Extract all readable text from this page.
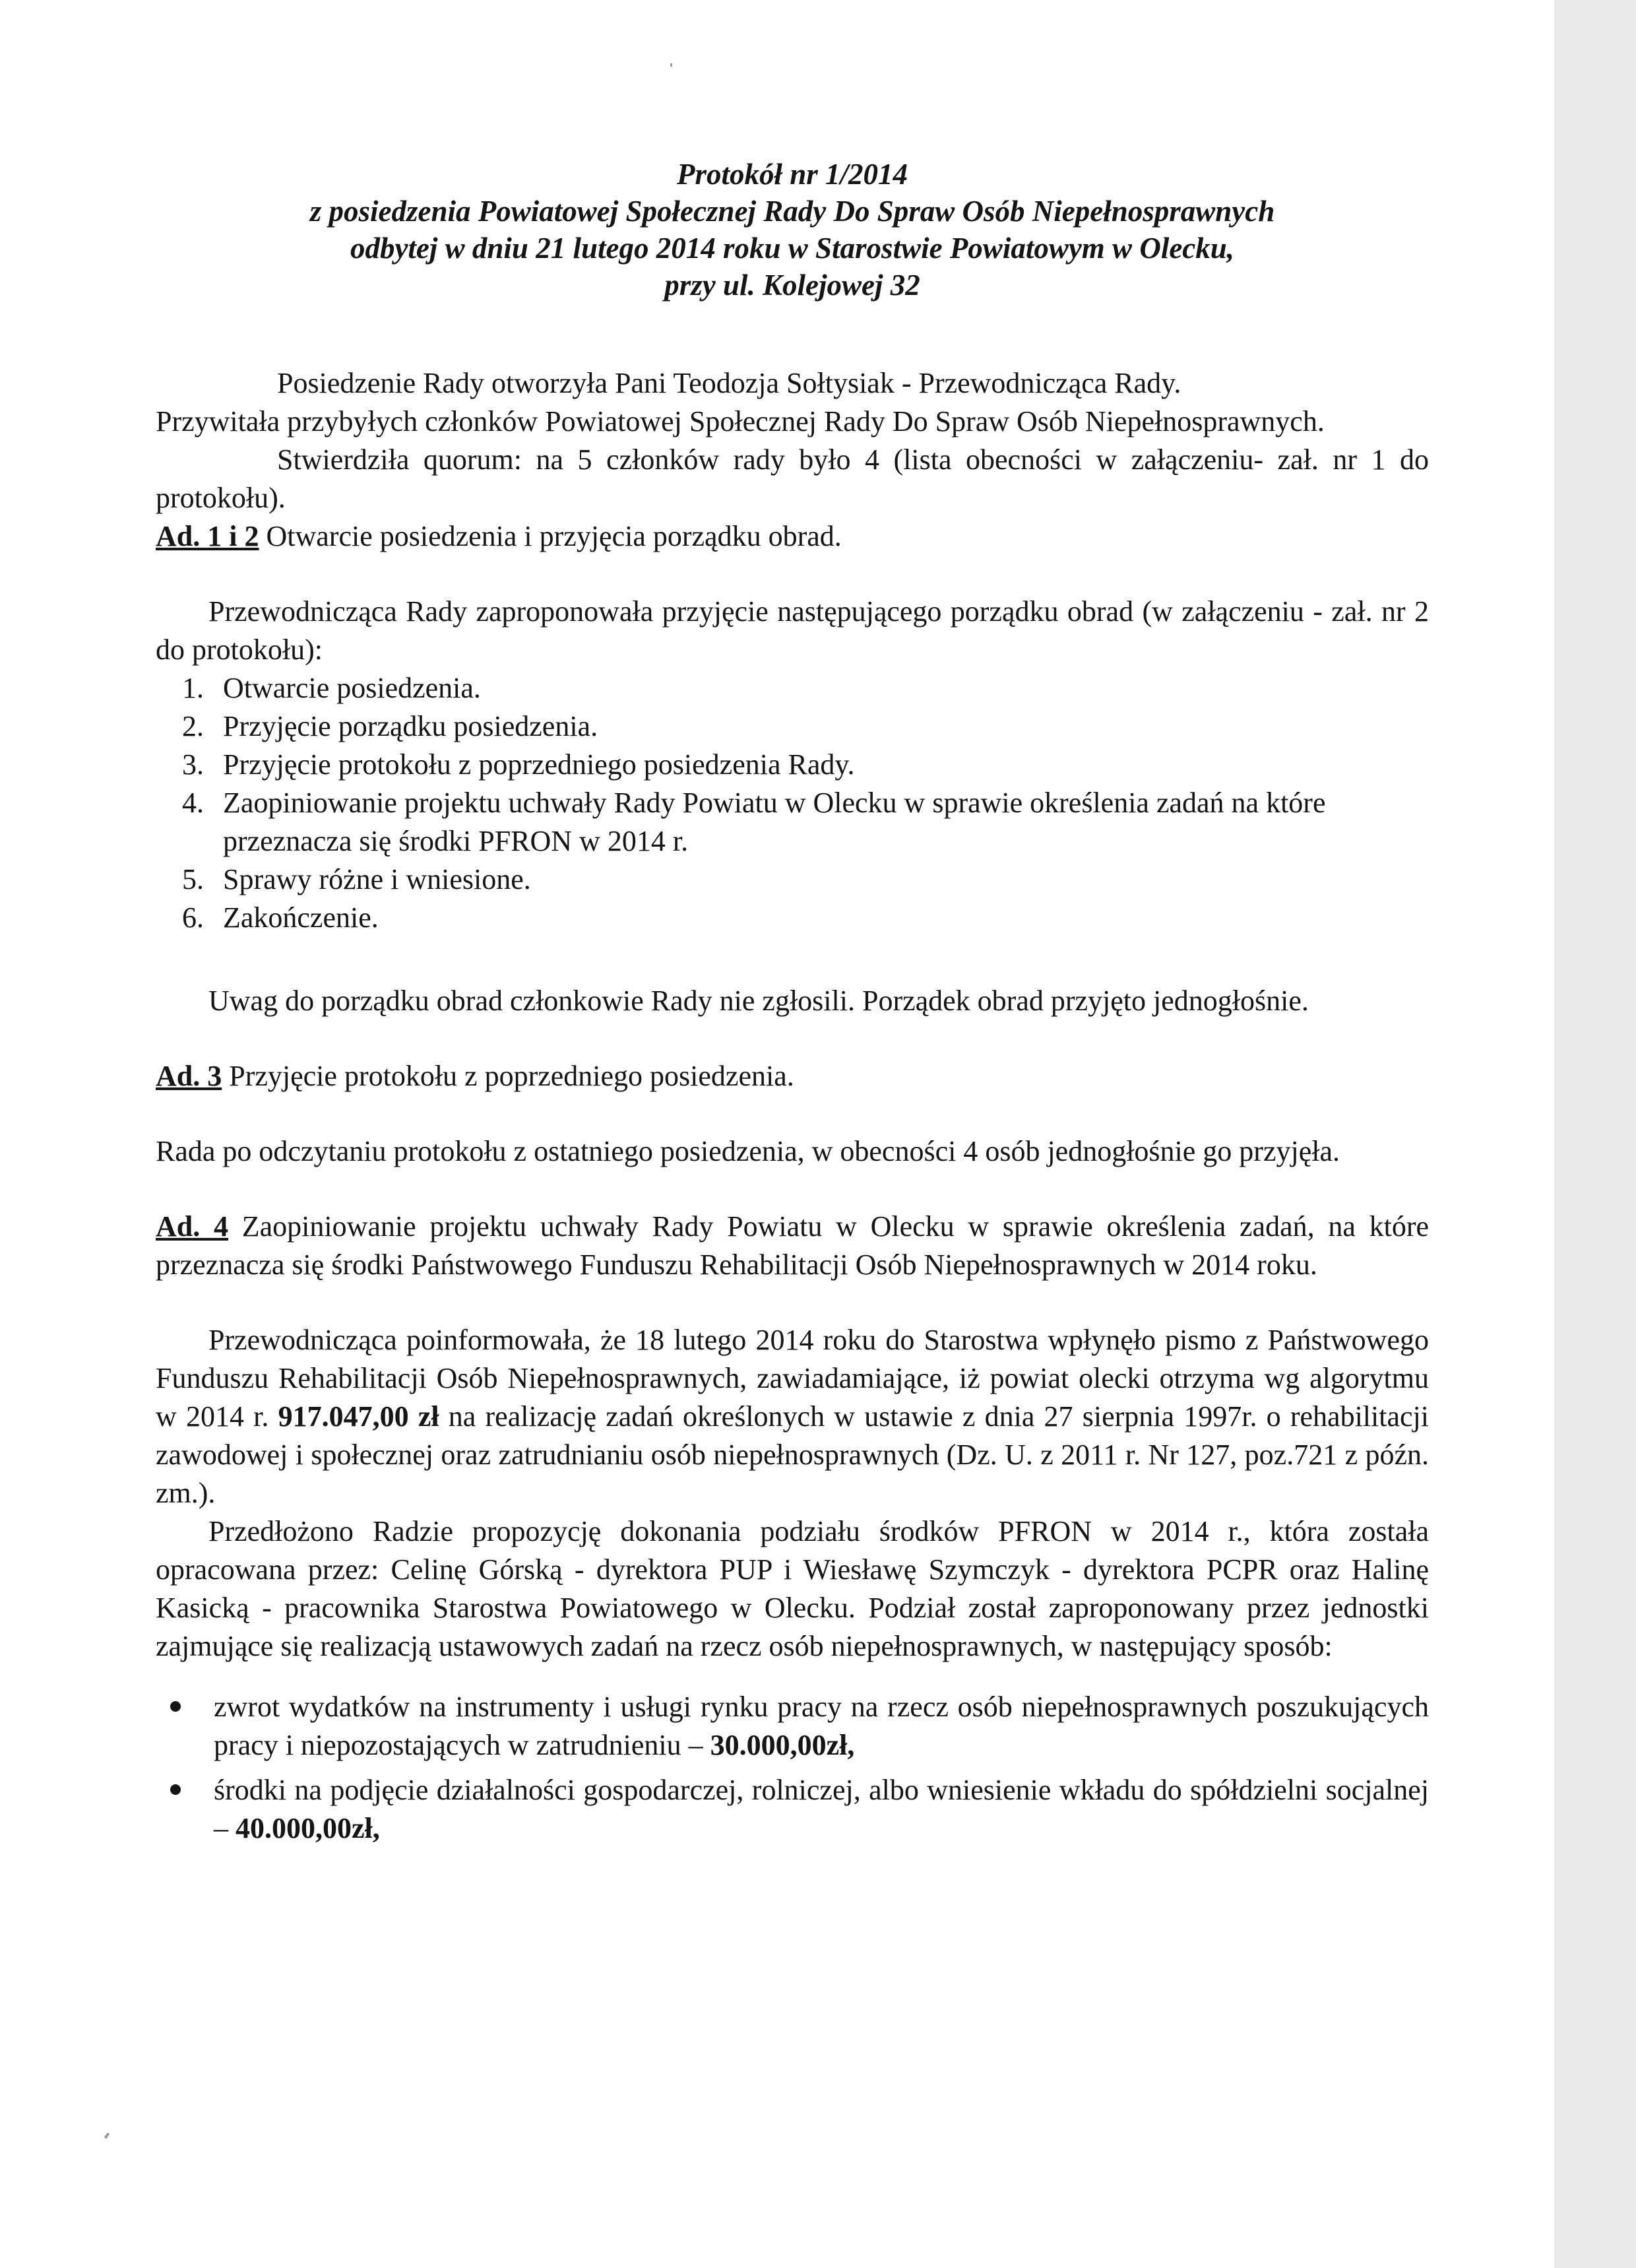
Protokół nr 1/2014
z posiedzenia Powiatowej Społecznej Rady Do Spraw Osób Niepełnosprawnych
odbytej w dniu 21 lutego 2014 roku w Starostwie Powiatowym w Olecku,
przy ul. Kolejowej 32

Posiedzenie Rady otworzyła Pani Teodozja Sołtysiak - Przewodnicząca Rady.

Przywitała przybyłych członków Powiatowej Społecznej Rady Do Spraw Osób Niepełnosprawnych.

Stwierdziła quorum: na 5 członków rady było 4 (lista obecności w załączeniu- zał. nr 1 do protokołu).

Ad. 1 i 2 Otwarcie posiedzenia i przyjęcia porządku obrad.

Przewodnicząca Rady zaproponowała przyjęcie następującego porządku obrad (w załączeniu - zał. nr 2 do protokołu):

1. Otwarcie posiedzenia.
2. Przyjęcie porządku posiedzenia.
3. Przyjęcie protokołu z poprzedniego posiedzenia Rady.
4. Zaopiniowanie projektu uchwały Rady Powiatu w Olecku w sprawie określenia zadań na które przeznacza się środki PFRON w 2014 r.
5. Sprawy różne i wniesione.
6. Zakończenie.

Uwag do porządku obrad członkowie Rady nie zgłosili. Porządek obrad przyjęto jednogłośnie.

Ad. 3 Przyjęcie protokołu z poprzedniego posiedzenia.

Rada po odczytaniu protokołu z ostatniego posiedzenia, w obecności 4 osób jednogłośnie go przyjęła.

Ad. 4 Zaopiniowanie projektu uchwały Rady Powiatu w Olecku w sprawie określenia zadań, na które przeznacza się środki Państwowego Funduszu Rehabilitacji Osób Niepełnosprawnych w 2014 roku.

Przewodnicząca poinformowała, że 18 lutego 2014 roku do Starostwa wpłynęło pismo z Państwowego Funduszu Rehabilitacji Osób Niepełnosprawnych, zawiadamiające, iż powiat olecki otrzyma wg algorytmu w 2014 r. 917.047,00 zł na realizację zadań określonych w ustawie z dnia 27 sierpnia 1997r. o rehabilitacji zawodowej i społecznej oraz zatrudnianiu osób niepełnosprawnych (Dz. U. z 2011 r. Nr 127, poz.721 z późn. zm.).

Przedłożono Radzie propozycję dokonania podziału środków PFRON w 2014 r., która została opracowana przez: Celinę Górską - dyrektora PUP i Wiesławę Szymczyk - dyrektora PCPR oraz Halinę Kasicką - pracownika Starostwa Powiatowego w Olecku. Podział został zaproponowany przez jednostki zajmujące się realizacją ustawowych zadań na rzecz osób niepełnosprawnych, w następujący sposób:

zwrot wydatków na instrumenty i usługi rynku pracy na rzecz osób niepełnosprawnych poszukujących pracy i niepozostających w zatrudnieniu – 30.000,00zł,
środki na podjęcie działalności gospodarczej, rolniczej, albo wniesienie wkładu do spółdzielni socjalnej – 40.000,00zł,
